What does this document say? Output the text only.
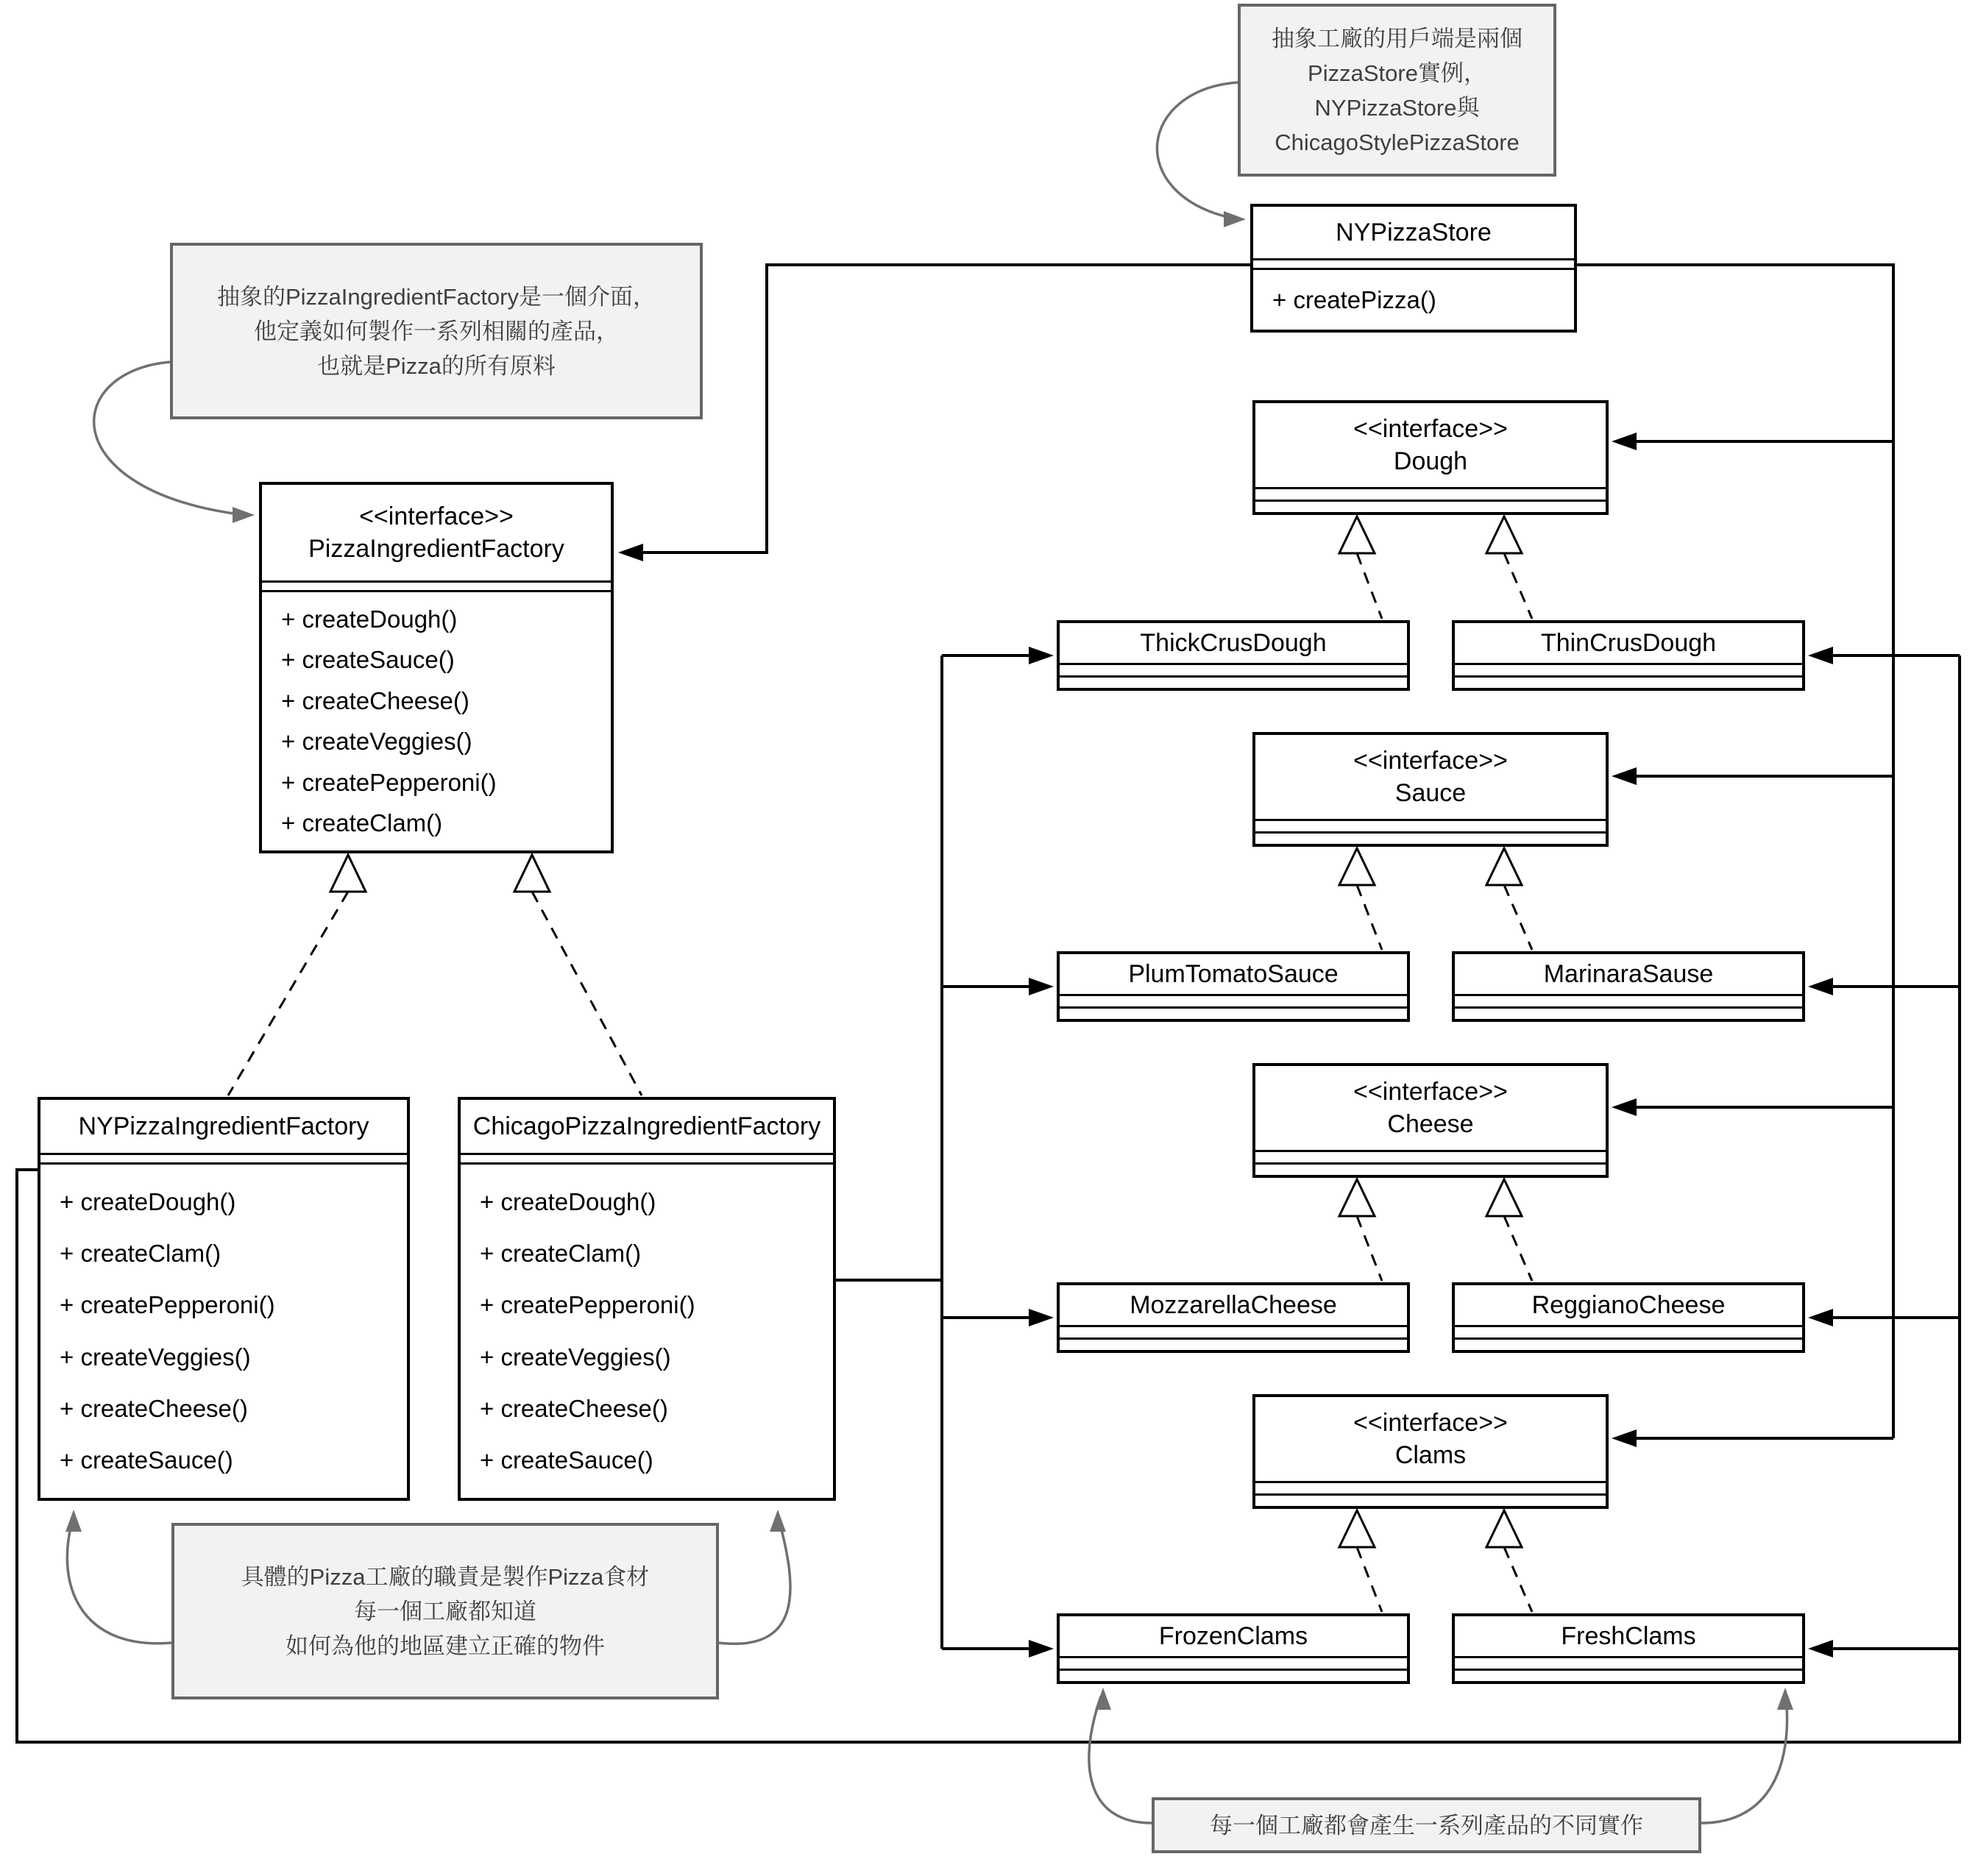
抽象工廠的用戶端是兩個
PizzaStore實例，
NYPizzaStore與
ChicagoStylePizzaStore
抽象的PizzaIngredientFactory是一個介面，
他定義如何製作一系列相關的產品，
也就是Pizza的所有原料
具體的Pizza工廠的職責是製作Pizza食材
每一個工廠都知道
如何為他的地區建立正確的物件
每一個工廠都會產生一系列產品的不同實作
NYPizzaStore
+ createPizza()
<<interface>>
PizzaIngredientFactory
+ createDough()
+ createSauce()
+ createCheese()
+ createVeggies()
+ createPepperoni()
+ createClam()
NYPizzaIngredientFactory
+ createDough()
+ createClam()
+ createPepperoni()
+ createVeggies()
+ createCheese()
+ createSauce()
ChicagoPizzaIngredientFactory
+ createDough()
+ createClam()
+ createPepperoni()
+ createVeggies()
+ createCheese()
+ createSauce()
<<interface>>
Dough
ThickCrusDough	ThinCrusDough
<<interface>>
Sauce
PlumTomatoSauce	MarinaraSause
<<interface>>
Cheese
MozzarellaCheese	ReggianoCheese
<<interface>>
Clams
FrozenClams	FreshClams
